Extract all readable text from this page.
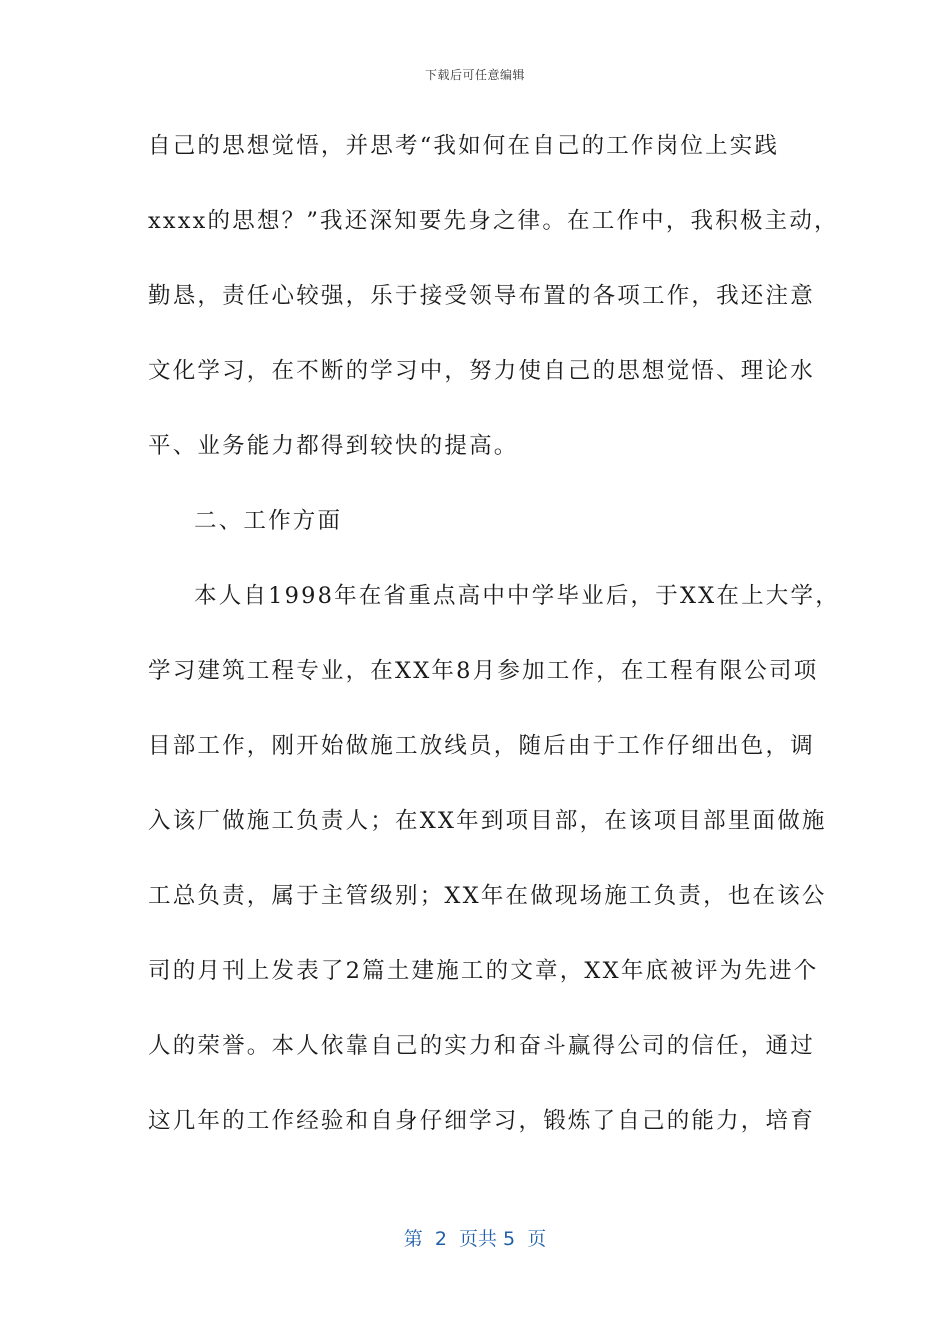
下载后可任意编辑
自己的思想觉悟，并思考“我如何在自己的工作岗位上实践
xxxx的思想？”我还深知要先身之律。在工作中，我积极主动，
勤恳，责任心较强，乐于接受领导布置的各项工作，我还注意
文化学习，在不断的学习中，努力使自己的思想觉悟、理论水
平、业务能力都得到较快的提高。
二、工作方面
本人自1998年在省重点高中中学毕业后，于XX在上大学，
学习建筑工程专业，在XX年8月参加工作，在工程有限公司项
目部工作，刚开始做施工放线员，随后由于工作仔细出色，调
入该厂做施工负责人；在XX年到项目部，在该项目部里面做施
工总负责，属于主管级别；XX年在做现场施工负责，也在该公
司的月刊上发表了2篇土建施工的文章，XX年底被评为先进个
人的荣誉。本人依靠自己的实力和奋斗赢得公司的信任，通过
这几年的工作经验和自身仔细学习，锻炼了自己的能力，培育
第  2  页共 5  页
